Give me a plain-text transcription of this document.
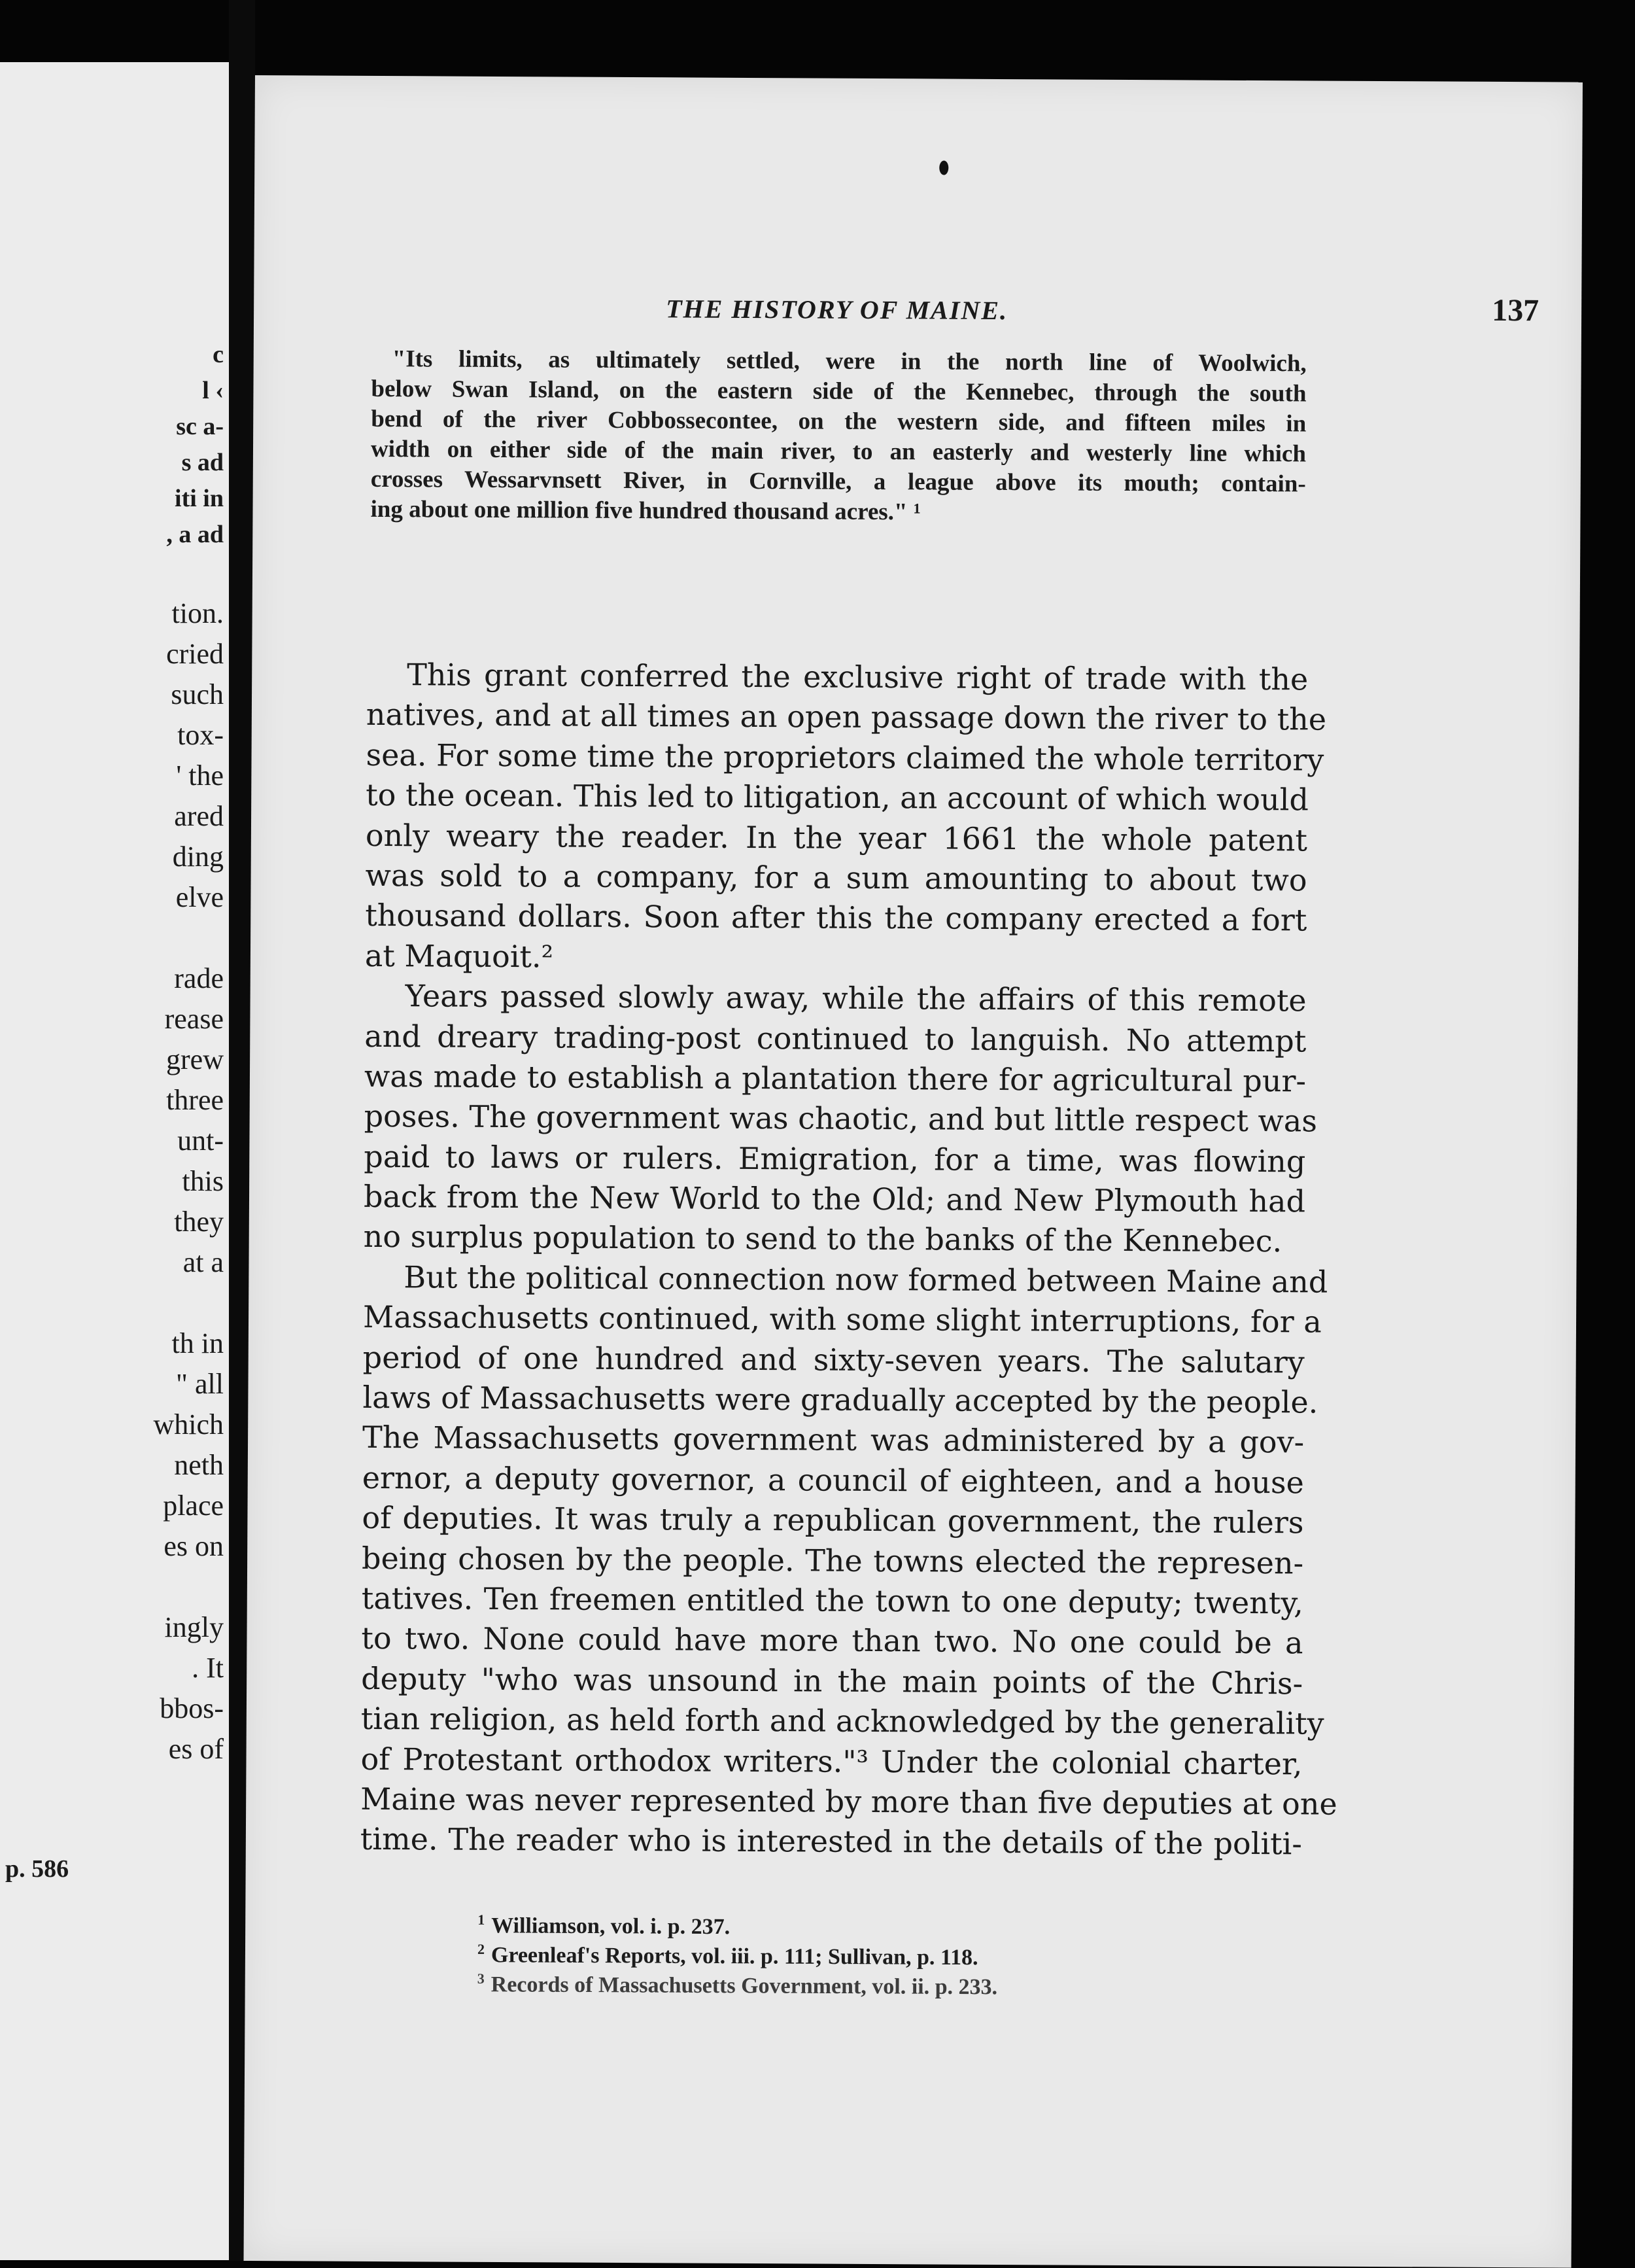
c
l ‹
sc a-
s ad
iti in
, a ad
tion.
cried
such
tox-
' the
ared
ding
elve
rade
rease
grew
three
unt-
this
they
at a
th in
" all
which
neth
place
es on
ingly
. It
bbos-
es of
p. 586
THE HISTORY OF MAINE.	137
"Its limits, as ultimately settled, were in the north line of Woolwich,
below Swan Island, on the eastern side of the Kennebec, through the south
bend of the river Cobbossecontee, on the western side, and fifteen miles in
width on either side of the main river, to an easterly and westerly line which
crosses Wessarvnsett River, in Cornville, a league above its mouth; contain-
ing about one million five hundred thousand acres." ¹
This grant conferred the exclusive right of trade with the
natives, and at all times an open passage down the river to the
sea. For some time the proprietors claimed the whole territory
to the ocean. This led to litigation, an account of which would
only weary the reader. In the year 1661 the whole patent
was sold to a company, for a sum amounting to about two
thousand dollars. Soon after this the company erected a fort
at Maquoit.²
Years passed slowly away, while the affairs of this remote
and dreary trading-post continued to languish. No attempt
was made to establish a plantation there for agricultural pur-
poses. The government was chaotic, and but little respect was
paid to laws or rulers. Emigration, for a time, was flowing
back from the New World to the Old; and New Plymouth had
no surplus population to send to the banks of the Kennebec.
But the political connection now formed between Maine and
Massachusetts continued, with some slight interruptions, for a
period of one hundred and sixty-seven years. The salutary
laws of Massachusetts were gradually accepted by the people.
The Massachusetts government was administered by a gov-
ernor, a deputy governor, a council of eighteen, and a house
of deputies. It was truly a republican government, the rulers
being chosen by the people. The towns elected the represen-
tatives. Ten freemen entitled the town to one deputy; twenty,
to two. None could have more than two. No one could be a
deputy "who was unsound in the main points of the Chris-
tian religion, as held forth and acknowledged by the generality
of Protestant orthodox writers."³ Under the colonial charter,
Maine was never represented by more than five deputies at one
time. The reader who is interested in the details of the politi-
$^1$ Williamson, vol. i. p. 237.
$^2$ Greenleaf's Reports, vol. iii. p. 111; Sullivan, p. 118.
$^3$ Records of Massachusetts Government, vol. ii. p. 233.
